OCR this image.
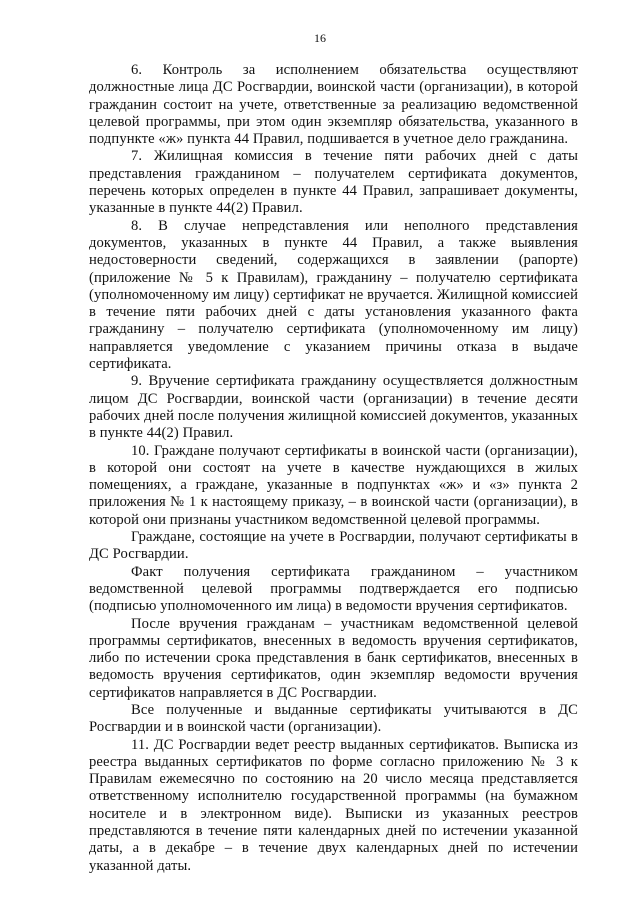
16

6. Контроль за исполнением обязательства осуществляют должностные лица ДС Росгвардии, воинской части (организации), в которой гражданин состоит на учете, ответственные за реализацию ведомственной целевой программы, при этом один экземпляр обязательства, указанного в подпункте «ж» пункта 44 Правил, подшивается в учетное дело гражданина.

7. Жилищная комиссия в течение пяти рабочих дней с даты представления гражданином – получателем сертификата документов, перечень которых определен в пункте 44 Правил, запрашивает документы, указанные в пункте 44(2) Правил.

8. В случае непредставления или неполного представления документов, указанных в пункте 44 Правил, а также выявления недостоверности сведений, содержащихся в заявлении (рапорте) (приложение № 5 к Правилам), гражданину – получателю сертификата (уполномоченному им лицу) сертификат не вручается. Жилищной комиссией в течение пяти рабочих дней с даты установления указанного факта гражданину – получателю сертификата (уполномоченному им лицу) направляется уведомление с указанием причины отказа в выдаче сертификата.

9. Вручение сертификата гражданину осуществляется должностным лицом ДС Росгвардии, воинской части (организации) в течение десяти рабочих дней после получения жилищной комиссией документов, указанных в пункте 44(2) Правил.

10. Граждане получают сертификаты в воинской части (организации), в которой они состоят на учете в качестве нуждающихся в жилых помещениях, а граждане, указанные в подпунктах «ж» и «з» пункта 2 приложения № 1 к настоящему приказу, – в воинской части (организации), в которой они признаны участником ведомственной целевой программы.

Граждане, состоящие на учете в Росгвардии, получают сертификаты в ДС Росгвардии.

Факт получения сертификата гражданином – участником ведомственной целевой программы подтверждается его подписью (подписью уполномоченного им лица) в ведомости вручения сертификатов.

После вручения гражданам – участникам ведомственной целевой программы сертификатов, внесенных в ведомость вручения сертификатов, либо по истечении срока представления в банк сертификатов, внесенных в ведомость вручения сертификатов, один экземпляр ведомости вручения сертификатов направляется в ДС Росгвардии.

Все полученные и выданные сертификаты учитываются в ДС Росгвардии и в воинской части (организации).

11. ДС Росгвардии ведет реестр выданных сертификатов. Выписка из реестра выданных сертификатов по форме согласно приложению № 3 к Правилам ежемесячно по состоянию на 20 число месяца представляется ответственному исполнителю государственной программы (на бумажном носителе и в электронном виде). Выписки из указанных реестров представляются в течение пяти календарных дней по истечении указанной даты, а в декабре – в течение двух календарных дней по истечении указанной даты.
